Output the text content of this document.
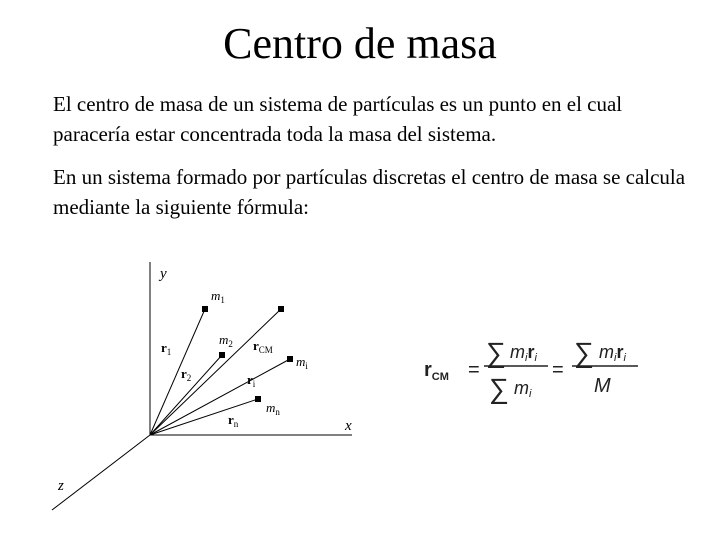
Centro de masa

El centro de masa de un sistema de partículas es un punto en el cual paracería estar concentrada toda la masa del sistema.

En un sistema formado por partículas discretas el centro de masa se calcula mediante la siguiente fórmula:

y
x
z
$m_1$
$m_2$
$m_i$
$m_n$
$r_1$
$r_2$
$r_{CM}$
$r_i$
$r_n$
$r_{CM}$ =
∑ miri
∑ mi
=
∑ miri
M
